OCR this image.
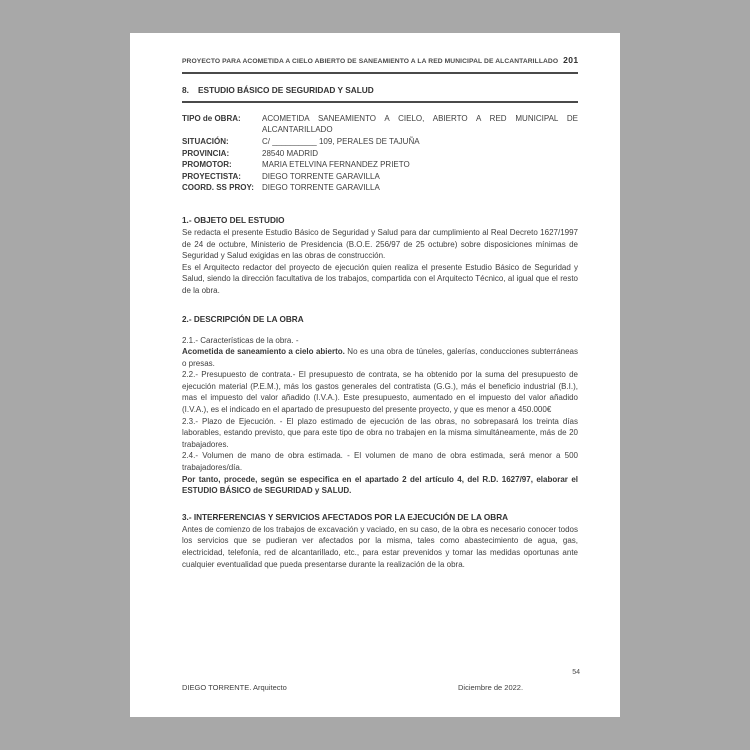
PROYECTO PARA ACOMETIDA A CIELO ABIERTO DE SANEAMIENTO A LA RED MUNICIPAL DE ALCANTARILLADO 201
8. ESTUDIO BÁSICO DE SEGURIDAD Y SALUD
TIPO de OBRA:	ACOMETIDA SANEAMIENTO A CIELO, ABIERTO A RED MUNICIPAL DE ALCANTARILLADO
SITUACIÓN:	C/ __________ 109, PERALES DE TAJUÑA
PROVINCIA:	28540 MADRID
PROMOTOR:	MARIA ETELVINA FERNANDEZ PRIETO
PROYECTISTA:	DIEGO TORRENTE GARAVILLA
COORD. SS PROY:	DIEGO TORRENTE GARAVILLA

1.- OBJETO DEL ESTUDIO

Se redacta el presente Estudio Básico de Seguridad y Salud para dar cumplimiento al Real Decreto 1627/1997 de 24 de octubre, Ministerio de Presidencia (B.O.E. 256/97 de 25 octubre) sobre disposiciones mínimas de Seguridad y Salud exigidas en las obras de construcción.

Es el Arquitecto redactor del proyecto de ejecución quien realiza el presente Estudio Básico de Seguridad y Salud, siendo la dirección facultativa de los trabajos, compartida con el Arquitecto Técnico, al igual que el resto de la obra.

2.- DESCRIPCIÓN DE LA OBRA

2.1.- Características de la obra. -

Acometida de saneamiento a cielo abierto. No es una obra de túneles, galerías, conducciones subterráneas o presas.

2.2.- Presupuesto de contrata.- El presupuesto de contrata, se ha obtenido por la suma del presupuesto de ejecución material (P.E.M.), más los gastos generales del contratista (G.G.), más el beneficio industrial (B.I.), mas el impuesto del valor añadido (I.V.A.). Este presupuesto, aumentado en el impuesto del valor añadido (I.V.A.), es el indicado en el apartado de presupuesto del presente proyecto, y que es menor a 450.000€

2.3.- Plazo de Ejecución. - El plazo estimado de ejecución de las obras, no sobrepasará los treinta días laborables, estando previsto, que para este tipo de obra no trabajen en la misma simultáneamente, más de 20 trabajadores.

2.4.- Volumen de mano de obra estimada. - El volumen de mano de obra estimada, será menor a 500 trabajadores/día.

Por tanto, procede, según se especifica en el apartado 2 del artículo 4, del R.D. 1627/97, elaborar el ESTUDIO BÁSICO de SEGURIDAD y SALUD.

3.- INTERFERENCIAS Y SERVICIOS AFECTADOS POR LA EJECUCIÓN DE LA OBRA

Antes de comienzo de los trabajos de excavación y vaciado, en su caso, de la obra es necesario conocer todos los servicios que se pudieran ver afectados por la misma, tales como abastecimiento de agua, gas, electricidad, telefonía, red de alcantarillado, etc., para estar prevenidos y tomar las medidas oportunas ante cualquier eventualidad que pueda presentarse durante la realización de la obra.

54
DIEGO TORRENTE. Arquitecto	Diciembre de 2022.
